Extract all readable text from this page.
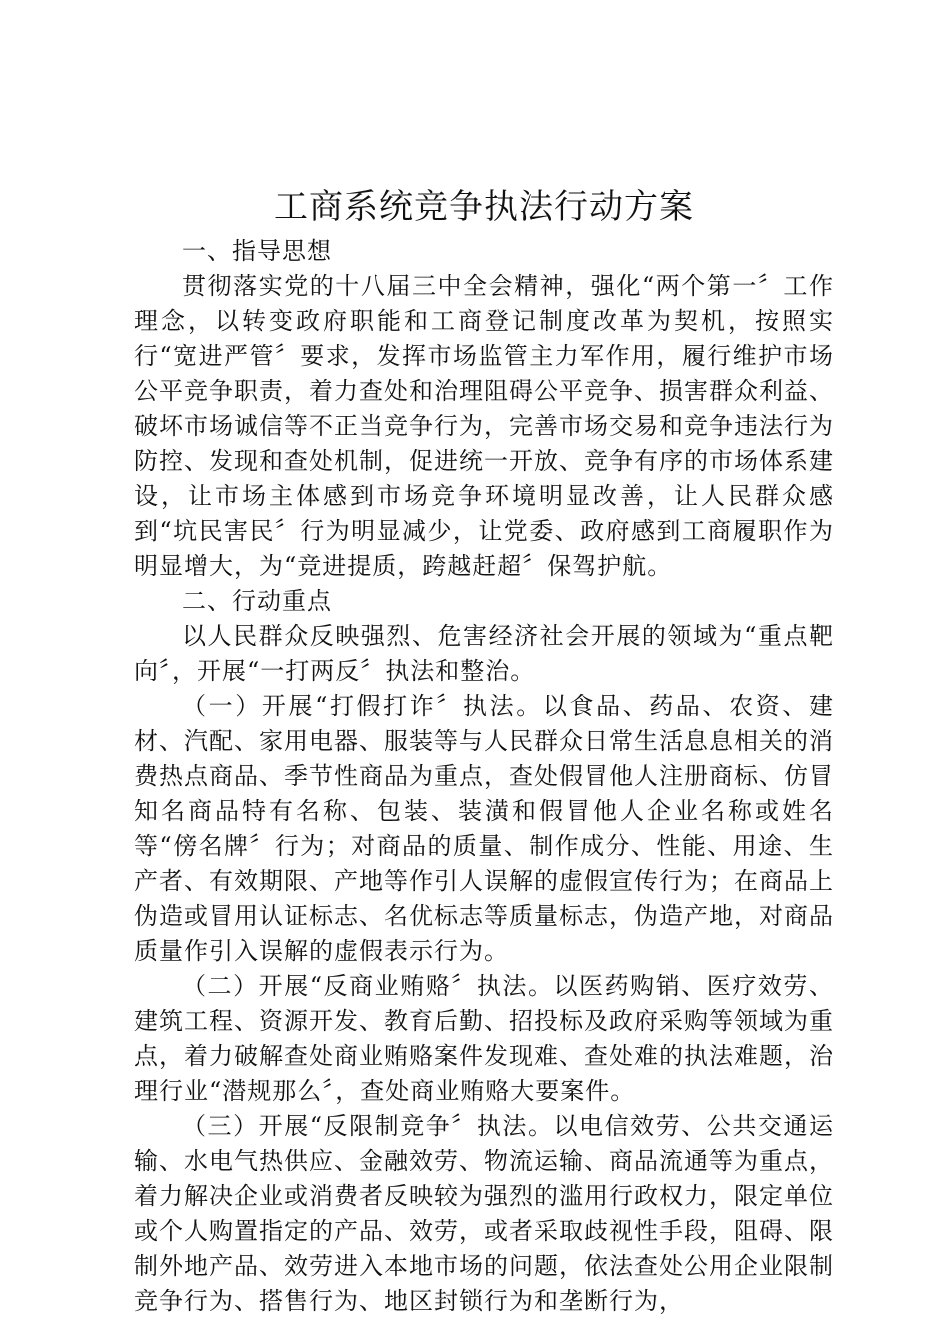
工商系统竞争执法行动方案
一、指导思想

贯彻落实党的十八届三中全会精神，强化“两个第一〞工作理念，以转变政府职能和工商登记制度改革为契机，按照实行“宽进严管〞要求，发挥市场监管主力军作用，履行维护市场公平竞争职责，着力查处和治理阻碍公平竞争、损害群众利益、破坏市场诚信等不正当竞争行为，完善市场交易和竞争违法行为防控、发现和查处机制，促进统一开放、竞争有序的市场体系建设，让市场主体感到市场竞争环境明显改善，让人民群众感到“坑民害民〞行为明显减少，让党委、政府感到工商履职作为明显增大，为“竞进提质，跨越赶超〞保驾护航。

二、行动重点

以人民群众反映强烈、危害经济社会开展的领域为“重点靶向〞，开展“一打两反〞执法和整治。

（一）开展“打假打诈〞执法。以食品、药品、农资、建材、汽配、家用电器、服装等与人民群众日常生活息息相关的消费热点商品、季节性商品为重点，查处假冒他人注册商标、仿冒知名商品特有名称、包装、装潢和假冒他人企业名称或姓名等“傍名牌〞行为；对商品的质量、制作成分、性能、用途、生产者、有效期限、产地等作引人误解的虚假宣传行为；在商品上伪造或冒用认证标志、名优标志等质量标志，伪造产地，对商品质量作引入误解的虚假表示行为。

（二）开展“反商业贿赂〞执法。以医药购销、医疗效劳、建筑工程、资源开发、教育后勤、招投标及政府采购等领域为重点，着力破解查处商业贿赂案件发现难、查处难的执法难题，治理行业“潜规那么〞，查处商业贿赂大要案件。

（三）开展“反限制竞争〞执法。以电信效劳、公共交通运输、水电气热供应、金融效劳、物流运输、商品流通等为重点，着力解决企业或消费者反映较为强烈的滥用行政权力，限定单位或个人购置指定的产品、效劳，或者采取歧视性手段，阻碍、限制外地产品、效劳进入本地市场的问题，依法查处公用企业限制竞争行为、搭售行为、地区封锁行为和垄断行为，
